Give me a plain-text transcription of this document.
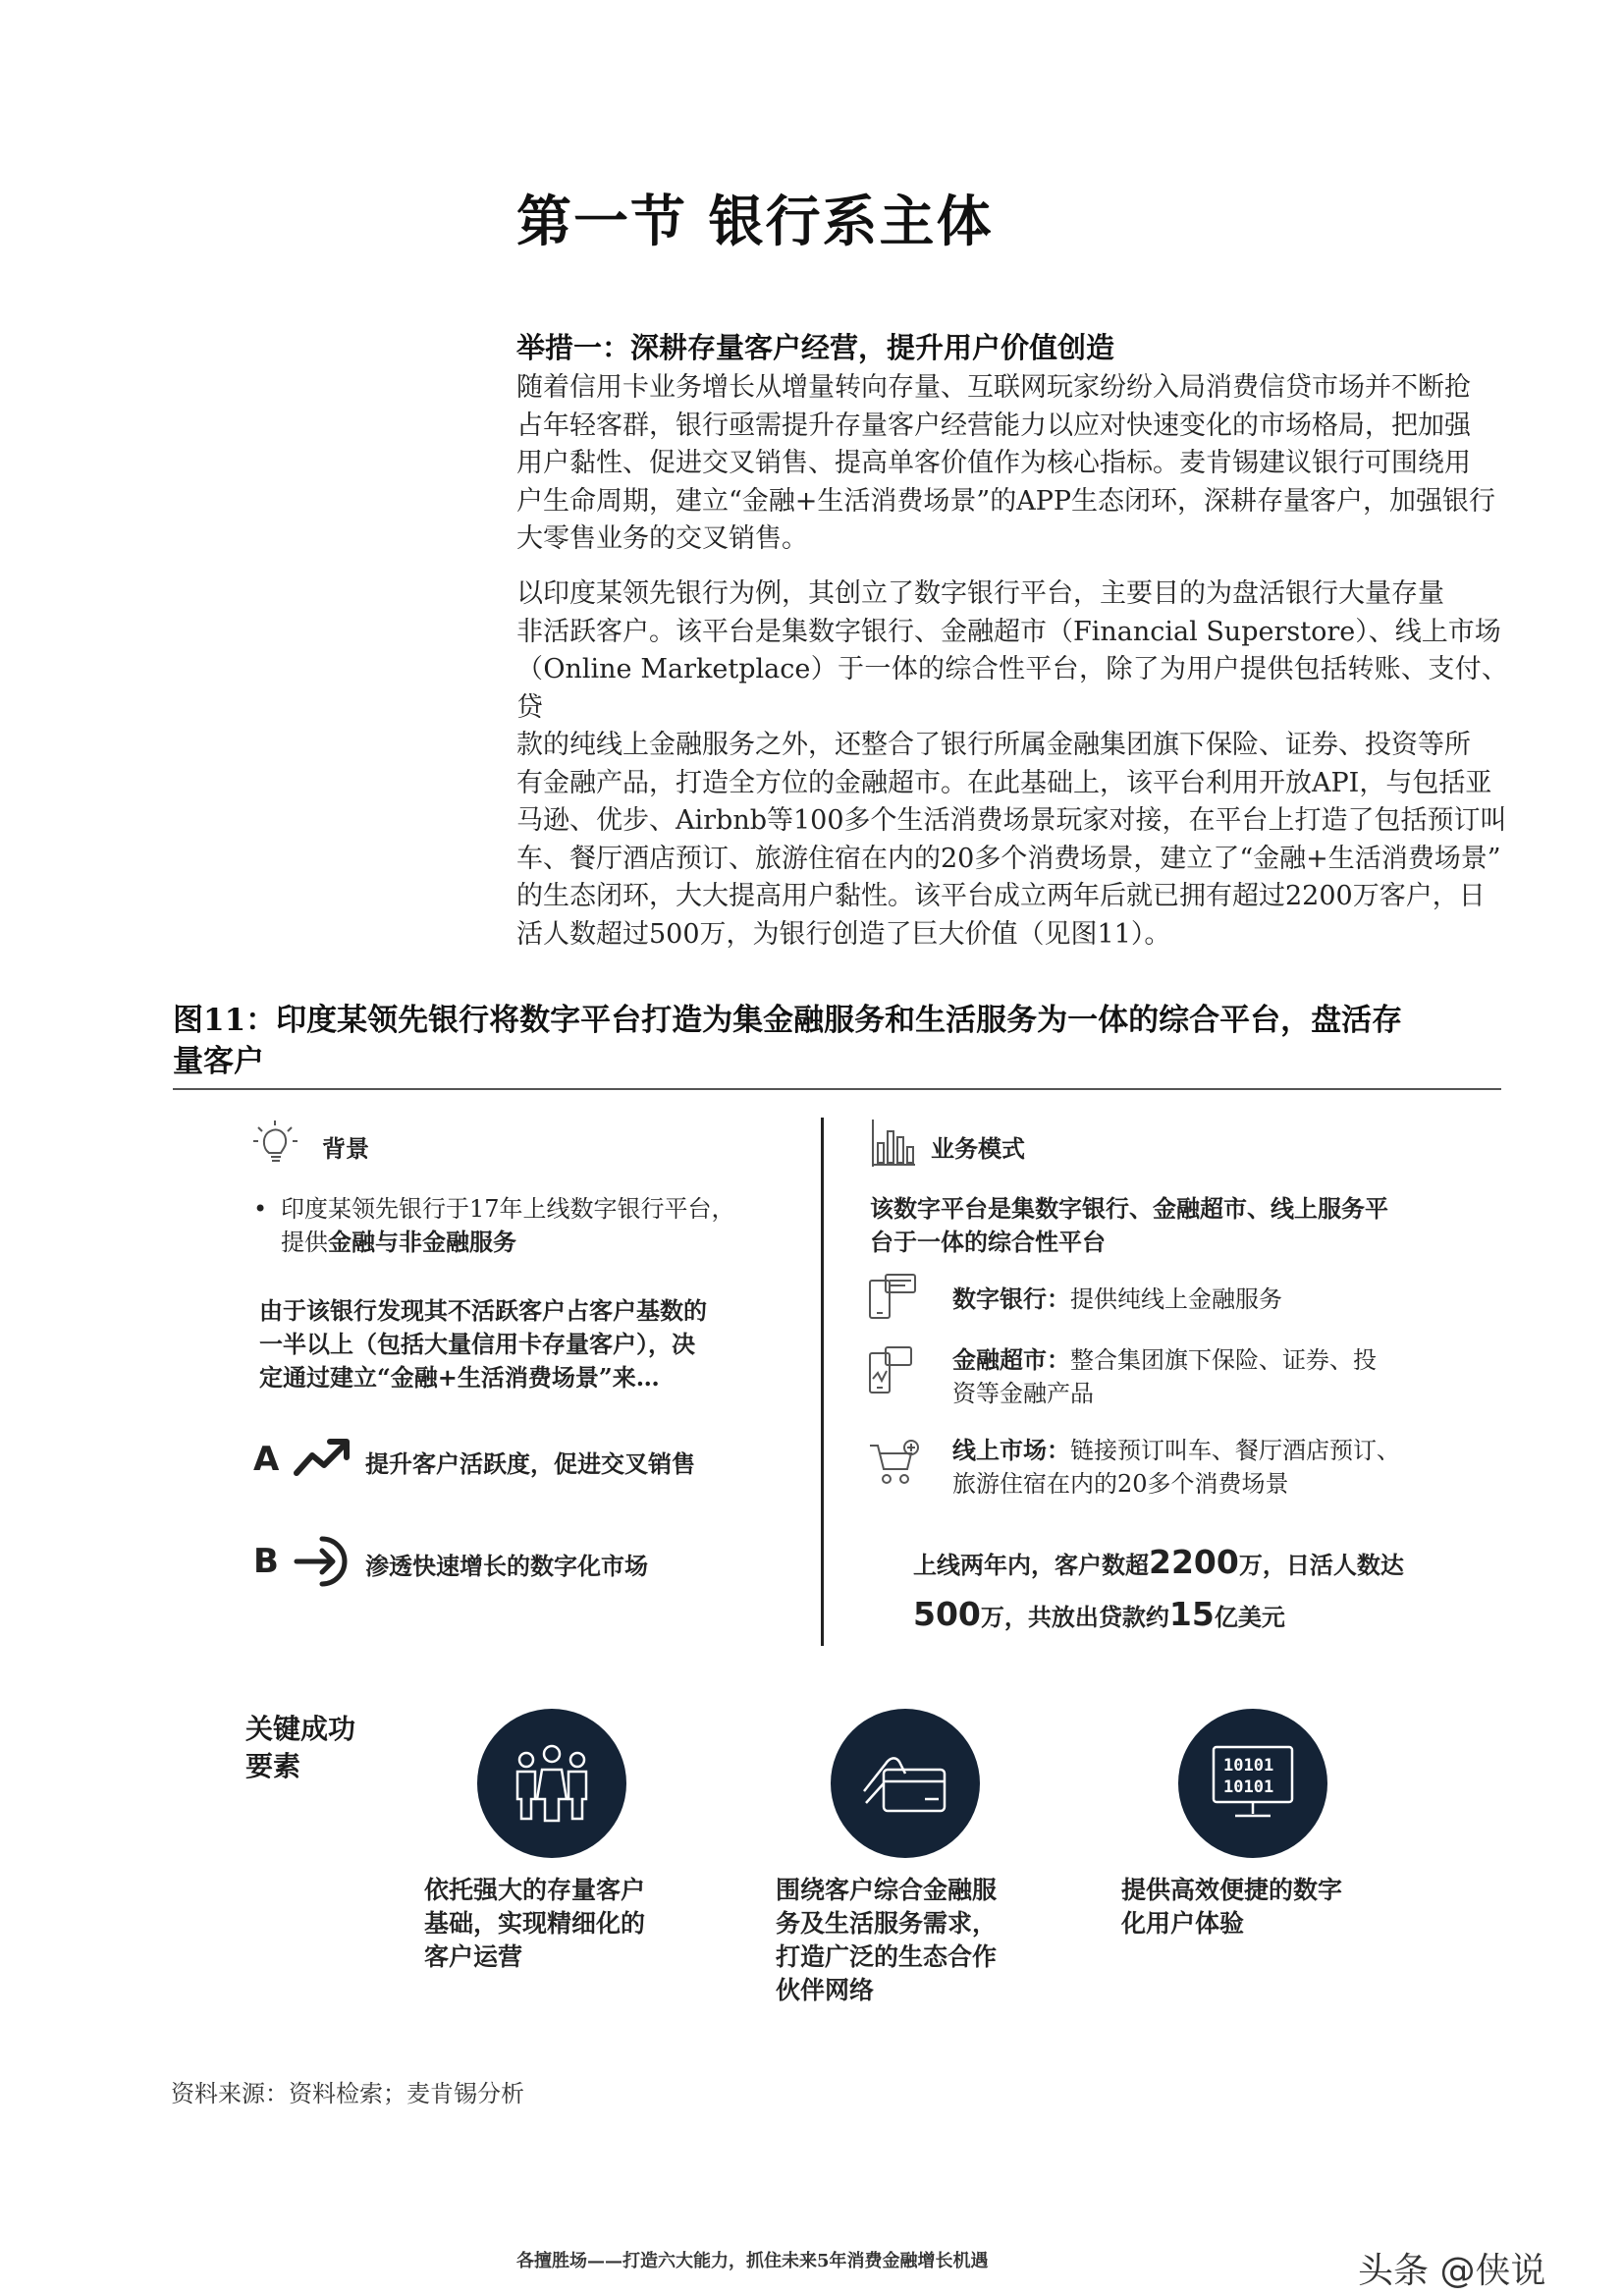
第一节 银行系主体
举措一：深耕存量客户经营，提升用户价值创造

随着信用卡业务增长从增量转向存量、互联网玩家纷纷入局消费信贷市场并不断抢

占年轻客群，银行亟需提升存量客户经营能力以应对快速变化的市场格局，把加强

用户黏性、促进交叉销售、提高单客价值作为核心指标。麦肯锡建议银行可围绕用

户生命周期，建立“金融+生活消费场景”的APP生态闭环，深耕存量客户，加强银行

大零售业务的交叉销售。

以印度某领先银行为例，其创立了数字银行平台，主要目的为盘活银行大量存量

非活跃客户。该平台是集数字银行、金融超市（Financial Superstore）、线上市场

（Online Marketplace）于一体的综合性平台，除了为用户提供包括转账、支付、贷

款的纯线上金融服务之外，还整合了银行所属金融集团旗下保险、证券、投资等所

有金融产品，打造全方位的金融超市。在此基础上，该平台利用开放API，与包括亚

马逊、优步、Airbnb等100多个生活消费场景玩家对接，在平台上打造了包括预订叫

车、餐厅酒店预订、旅游住宿在内的20多个消费场景，建立了“金融+生活消费场景”

的生态闭环，大大提高用户黏性。该平台成立两年后就已拥有超过2200万客户，日

活人数超过500万，为银行创造了巨大价值（见图11）。

图11：印度某领先银行将数字平台打造为集金融服务和生活服务为一体的综合平台，盘活存
量客户
背景
• 印度某领先银行于17年上线数字银行平台，
提供金融与非金融服务
由于该银行发现其不活跃客户占客户基数的
一半以上（包括大量信用卡存量客户），决
定通过建立“金融+生活消费场景”来…
A	提升客户活跃度，促进交叉销售
B	渗透快速增长的数字化市场
业务模式
该数字平台是集数字银行、金融超市、线上服务平
台于一体的综合性平台
数字银行：提供纯线上金融服务
金融超市：整合集团旗下保险、证券、投
资等金融产品
线上市场：链接预订叫车、餐厅酒店预订、
旅游住宿在内的20多个消费场景
上线两年内，客户数超2200万，日活人数达
500万，共放出贷款约15亿美元
关键成功
要素
依托强大的存量客户
基础，实现精细化的
客户运营
围绕客户综合金融服
务及生活服务需求，
打造广泛的生态合作
伙伴网络
10101
10101
提供高效便捷的数字
化用户体验
资料来源：资料检索；麦肯锡分析
各擅胜场——打造六大能力，抓住未来5年消费金融增长机遇	头条 @侠说
